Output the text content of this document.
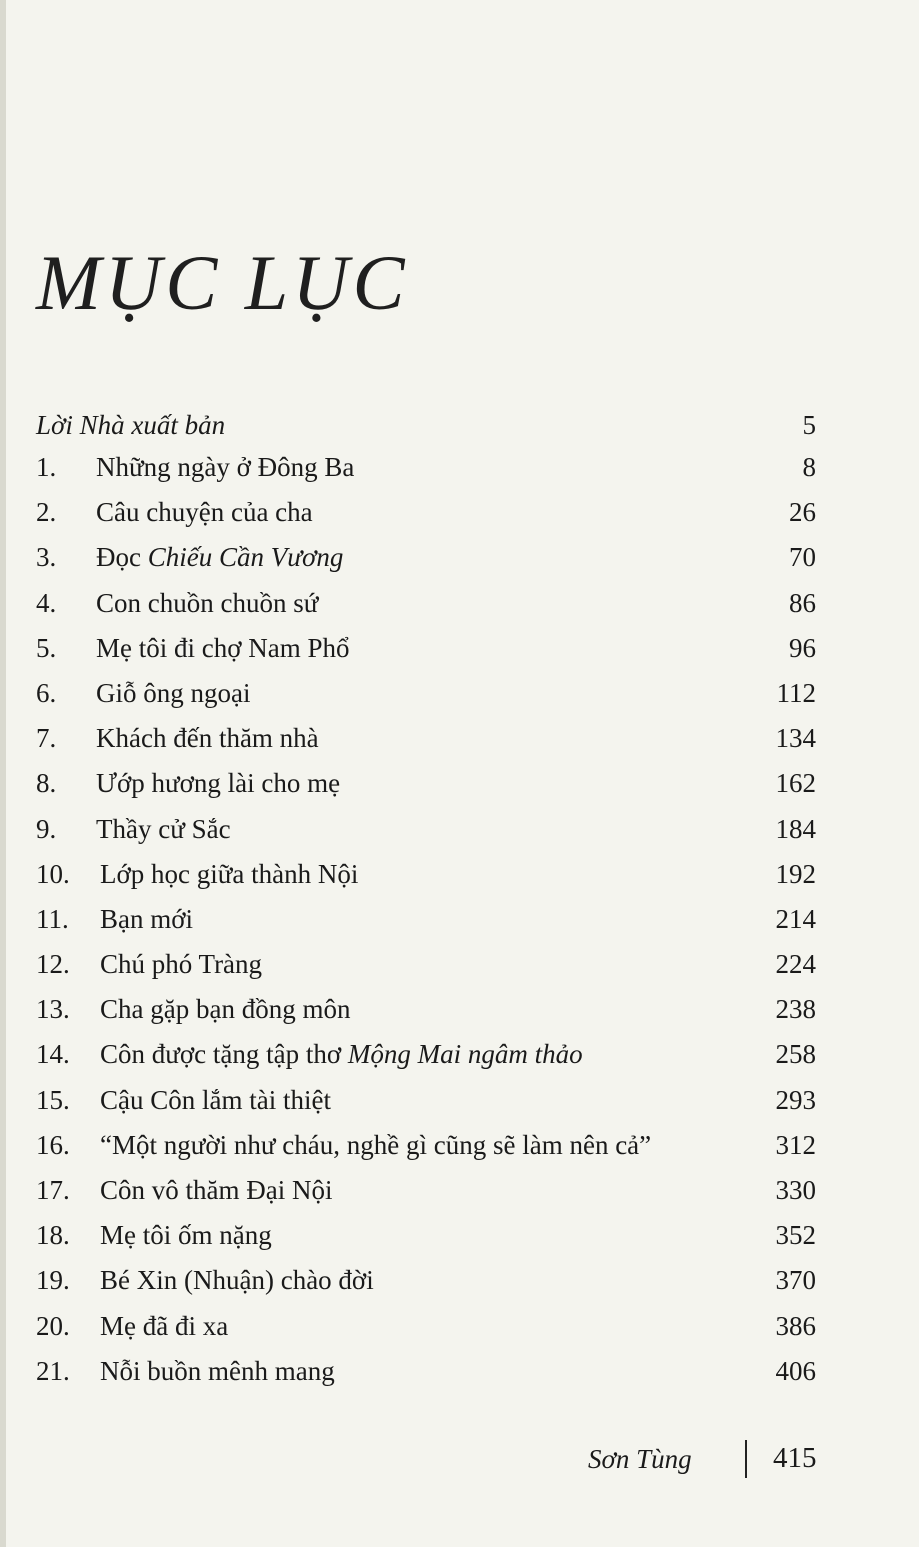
MỤC LỤC
Lời Nhà xuất bản	5
1. Những ngày ở Đông Ba	8
2. Câu chuyện của cha	26
3. Đọc Chiếu Cần Vương	70
4. Con chuồn chuồn sứ	86
5. Mẹ tôi đi chợ Nam Phổ	96
6. Giỗ ông ngoại	112
7. Khách đến thăm nhà	134
8. Ướp hương lài cho mẹ	162
9. Thầy cử Sắc	184
10. Lớp học giữa thành Nội	192
11. Bạn mới	214
12. Chú phó Tràng	224
13. Cha gặp bạn đồng môn	238
14. Côn được tặng tập thơ Mộng Mai ngâm thảo	258
15. Cậu Côn lắm tài thiệt	293
16. “Một người như cháu, nghề gì cũng sẽ làm nên cả”	312
17. Côn vô thăm Đại Nội	330
18. Mẹ tôi ốm nặng	352
19. Bé Xin (Nhuận) chào đời	370
20. Mẹ đã đi xa	386
21. Nỗi buồn mênh mang	406
Sơn Tùng	415
